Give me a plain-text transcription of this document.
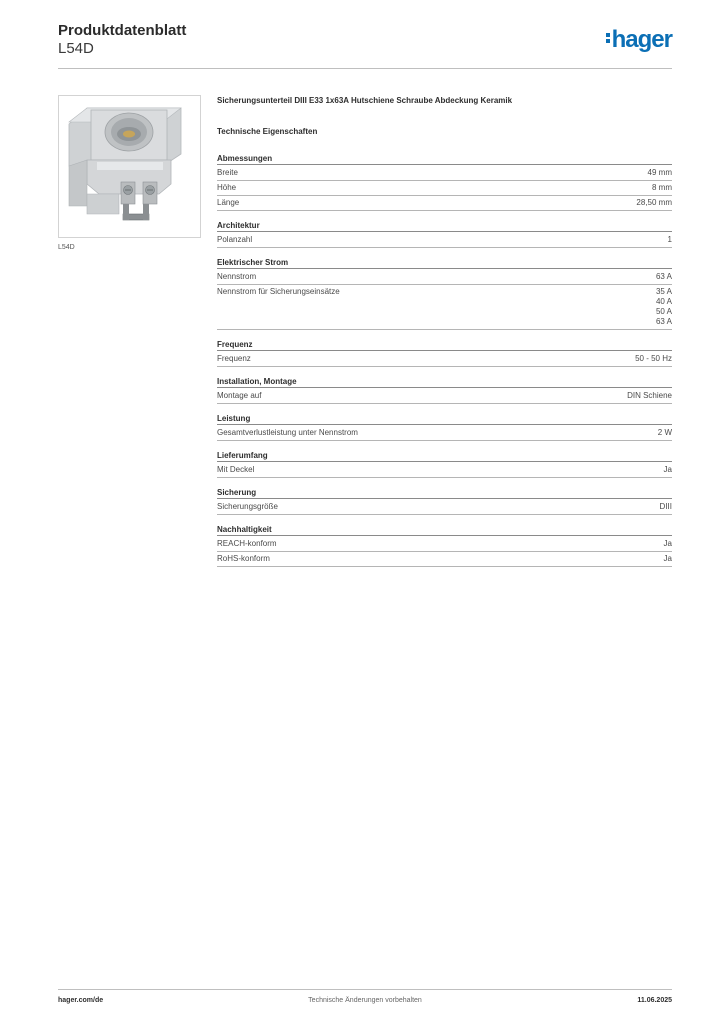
Produktdatenblatt
L54D	hager
L54D
Sicherungsunterteil DIII E33 1x63A Hutschiene Schraube Abdeckung Keramik
Technische Eigenschaften
Abmessungen
Breite	49 mm
Höhe	8 mm
Länge	28,50 mm
Architektur
Polanzahl	1
Elektrischer Strom
Nennstrom	63 A
Nennstrom für Sicherungseinsätze	35 A
40 A
50 A
63 A
Frequenz
Frequenz	50 - 50 Hz
Installation, Montage
Montage auf	DIN Schiene
Leistung
Gesamtverlustleistung unter Nennstrom	2 W
Lieferumfang
Mit Deckel	Ja
Sicherung
Sicherungsgröße	DIII
Nachhaltigkeit
REACH-konform	Ja
RoHS-konform	Ja
Technische Änderungen vorbehalten
hager.com/de	11.06.2025
